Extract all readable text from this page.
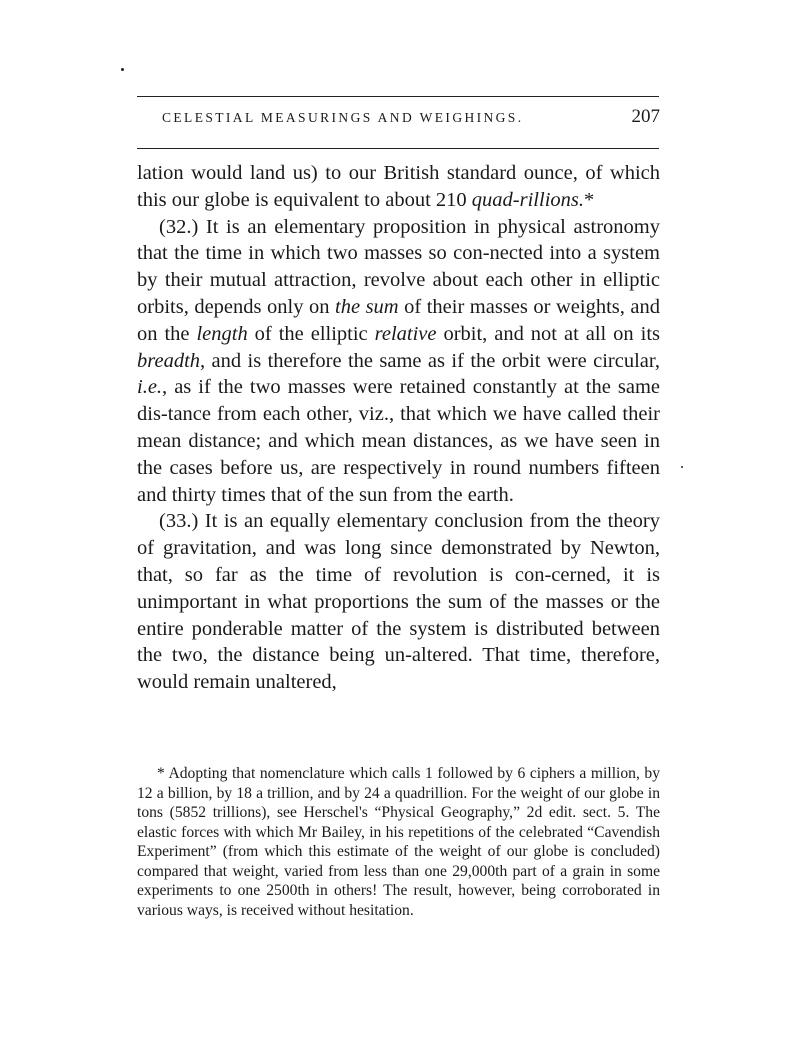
CELESTIAL MEASURINGS AND WEIGHINGS.	207

lation would land us) to our British standard ounce, of which this our globe is equivalent to about 210 quad-rillions.*

(32.) It is an elementary proposition in physical astronomy that the time in which two masses so con-nected into a system by their mutual attraction, revolve about each other in elliptic orbits, depends only on the sum of their masses or weights, and on the length of the elliptic relative orbit, and not at all on its breadth, and is therefore the same as if the orbit were circular, i.e., as if the two masses were retained constantly at the same dis-tance from each other, viz., that which we have called their mean distance; and which mean distances, as we have seen in the cases before us, are respectively in round numbers fifteen and thirty times that of the sun from the earth.

(33.) It is an equally elementary conclusion from the theory of gravitation, and was long since demonstrated by Newton, that, so far as the time of revolution is con-cerned, it is unimportant in what proportions the sum of the masses or the entire ponderable matter of the system is distributed between the two, the distance being un-altered. That time, therefore, would remain unaltered,

* Adopting that nomenclature which calls 1 followed by 6 ciphers a million, by 12 a billion, by 18 a trillion, and by 24 a quadrillion. For the weight of our globe in tons (5852 trillions), see Herschel's “Physical Geography,” 2d edit. sect. 5. The elastic forces with which Mr Bailey, in his repetitions of the celebrated “Cavendish Experiment” (from which this estimate of the weight of our globe is concluded) compared that weight, varied from less than one 29,000th part of a grain in some experiments to one 2500th in others! The result, however, being corroborated in various ways, is received without hesitation.
